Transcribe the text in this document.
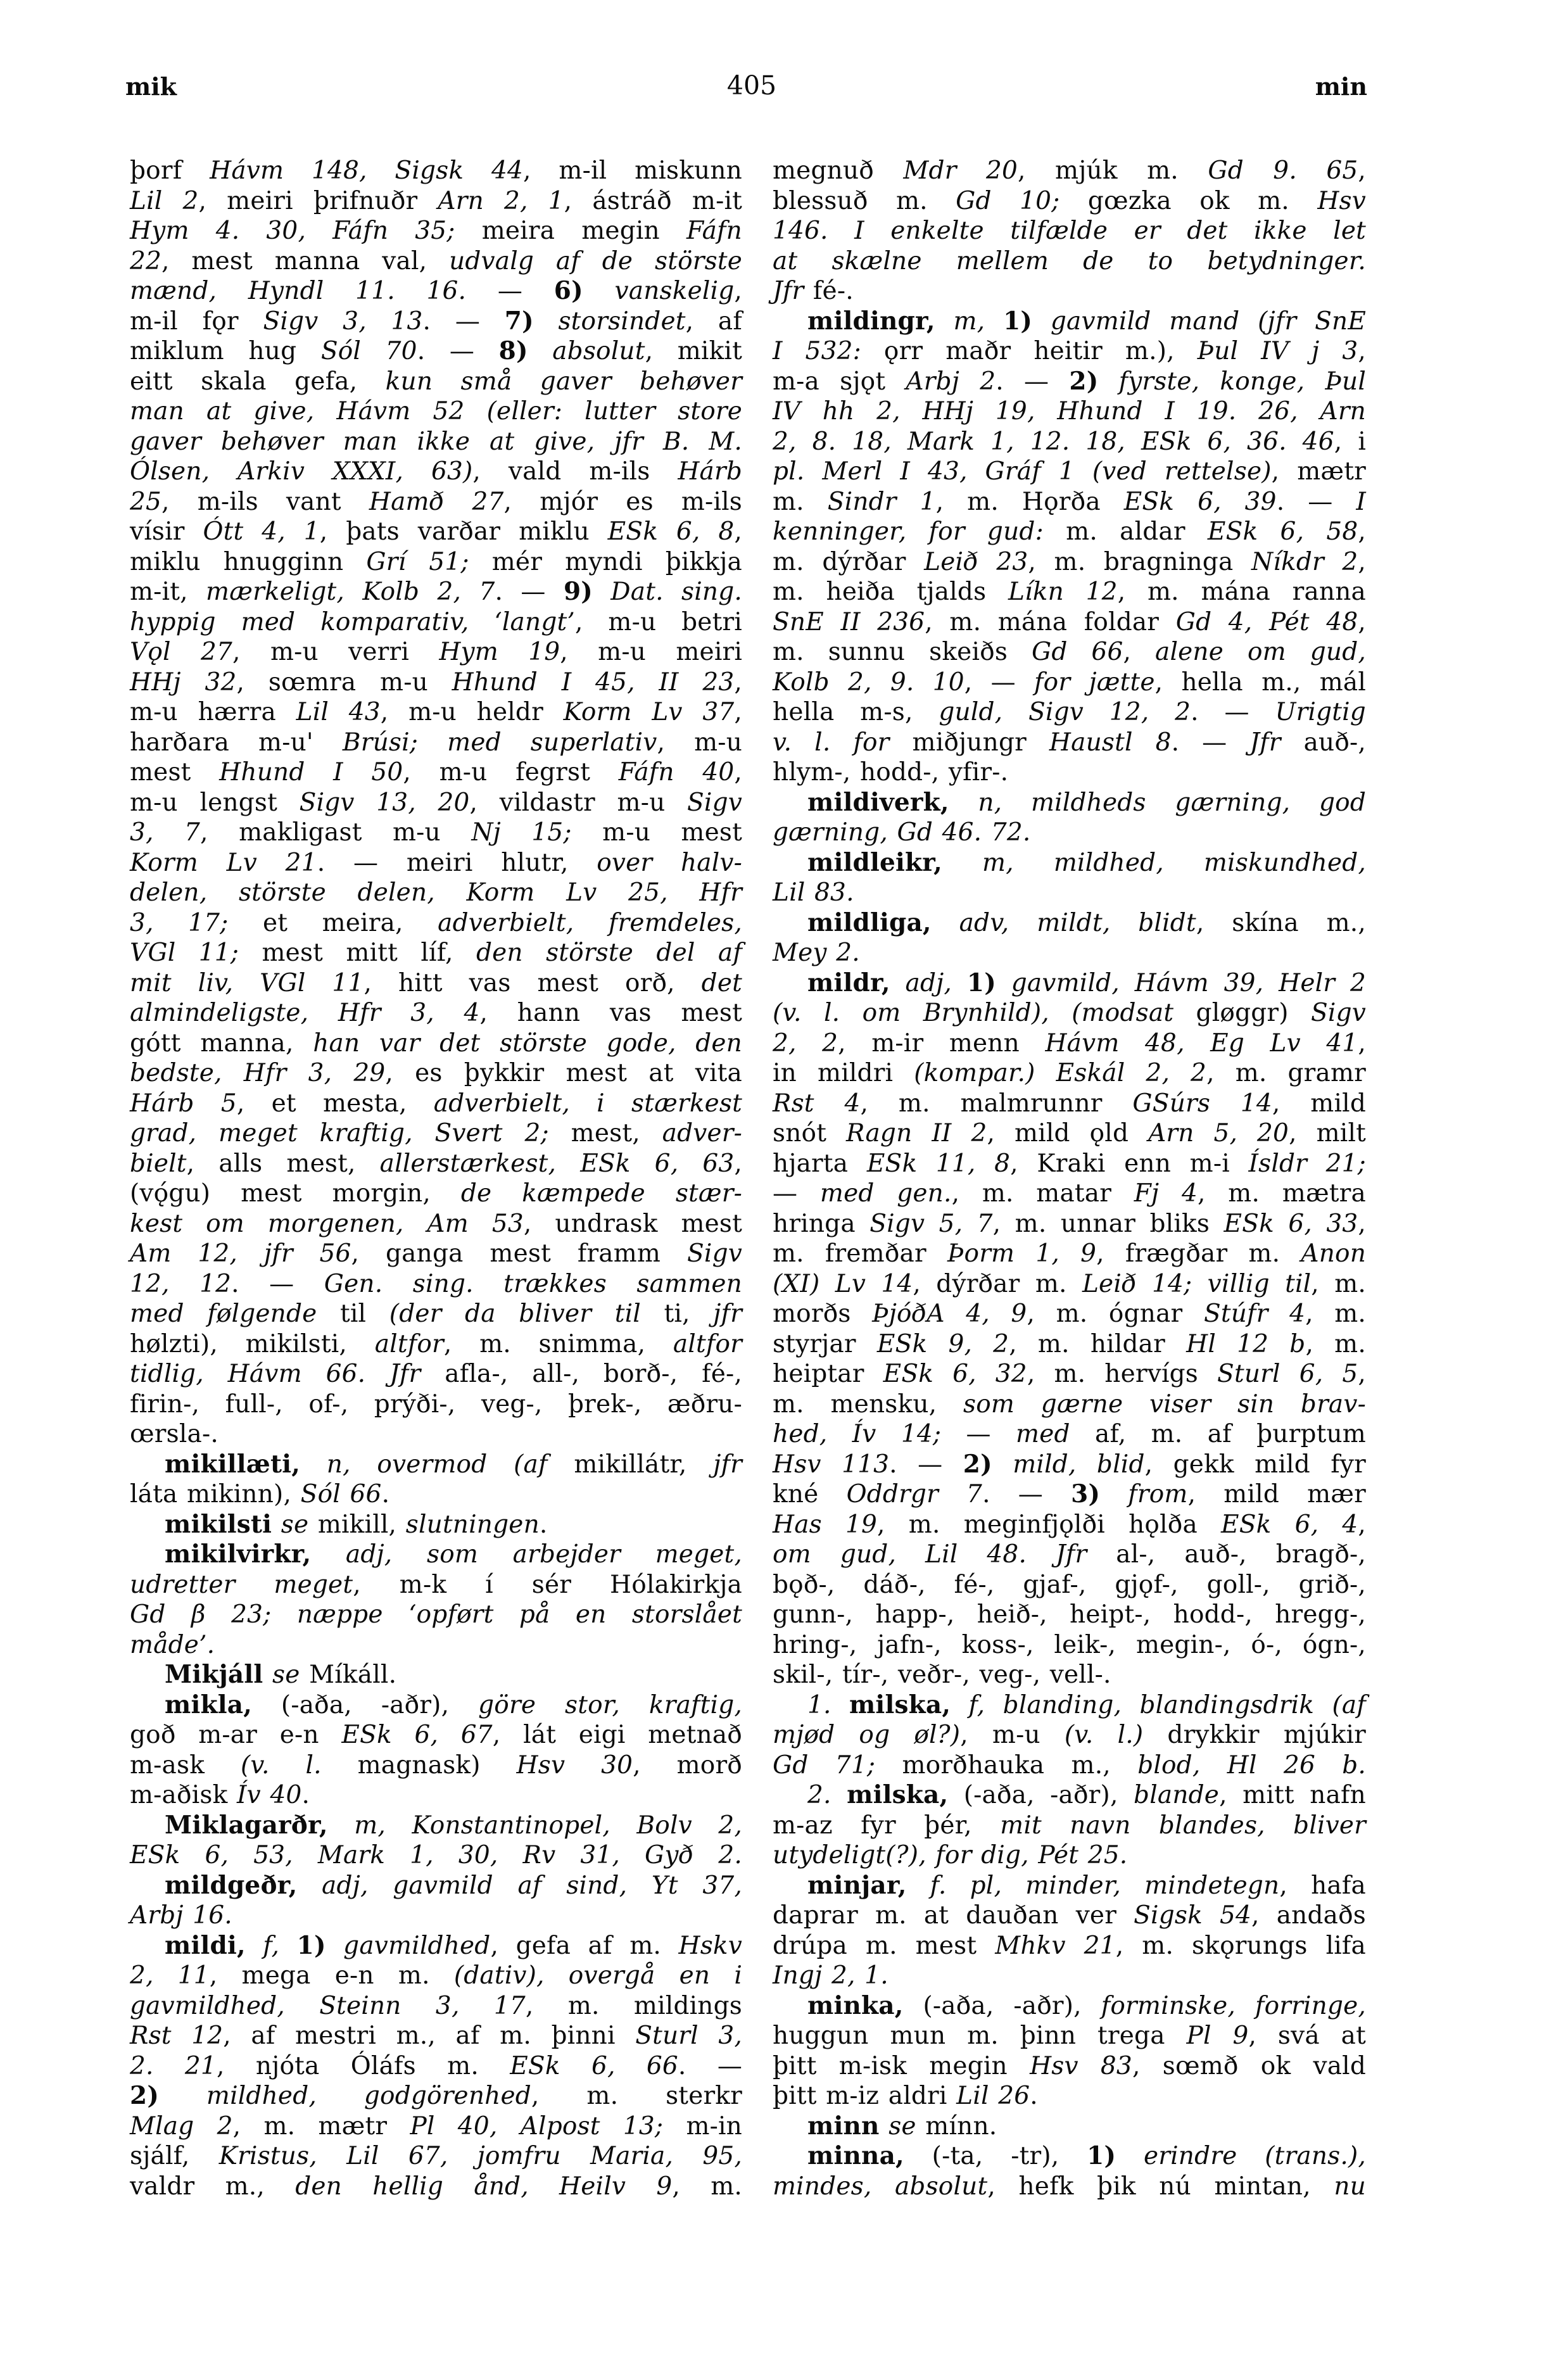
mik	405	min
þorf Hávm 148, Sigsk 44, m-il miskunn
Lil 2, meiri þrifnuðr Arn 2, 1, ástráð m-it
Hym 4. 30, Fáfn 35; meira megin Fáfn
22, mest manna val, udvalg af de störste
mænd, Hyndl 11. 16. — 6) vanskelig,
m-il fǫr Sigv 3, 13. — 7) storsindet, af
miklum hug Sól 70. — 8) absolut, mikit
eitt skala gefa, kun små gaver behøver
man at give, Hávm 52 (eller: lutter store
gaver behøver man ikke at give, jfr B. M.
Ólsen, Arkiv XXXI, 63), vald m-ils Hárb
25, m-ils vant Hamð 27, mjór es m-ils
vísir Ótt 4, 1, þats varðar miklu ESk 6, 8,
miklu hnugginn Grí 51; mér myndi þikkja
m-it, mærkeligt, Kolb 2, 7. — 9) Dat. sing.
hyppig med komparativ, ‘langt’, m-u betri
Vǫl 27, m-u verri Hym 19, m-u meiri
HHj 32, sœmra m-u Hhund I 45, II 23,
m-u hærra Lil 43, m-u heldr Korm Lv 37,
harðara m-u' Brúsi; med superlativ, m-u
mest Hhund I 50, m-u fegrst Fáfn 40,
m-u lengst Sigv 13, 20, vildastr m-u Sigv
3, 7, makligast m-u Nj 15; m-u mest
Korm Lv 21. — meiri hlutr, over halv-
delen, störste delen, Korm Lv 25, Hfr
3, 17; et meira, adverbielt, fremdeles,
VGl 11; mest mitt líf, den störste del af
mit liv, VGl 11, hitt vas mest orð, det
almindeligste, Hfr 3, 4, hann vas mest
gótt manna, han var det störste gode, den
bedste, Hfr 3, 29, es þykkir mest at vita
Hárb 5, et mesta, adverbielt, i stærkest
grad, meget kraftig, Svert 2; mest, adver-
bielt, alls mest, allerstærkest, ESk 6, 63,
(vǫ́gu) mest morgin, de kæmpede stær-
kest om morgenen, Am 53, undrask mest
Am 12, jfr 56, ganga mest framm Sigv
12, 12. — Gen. sing. trækkes sammen
med følgende til (der da bliver til ti, jfr
hølzti), mikilsti, altfor, m. snimma, altfor
tidlig, Hávm 66. Jfr afla-, all-, borð-, fé-,
firin-, full-, of-, prýði-, veg-, þrek-, æðru-
œrsla-.
mikillæti, n, overmod (af mikillátr, jfr
láta mikinn), Sól 66.
mikilsti se mikill, slutningen.
mikilvirkr, adj, som arbejder meget,
udretter meget, m-k í sér Hólakirkja
Gd β 23; næppe ‘opført på en storslået
måde’.
Mikjáll se Míkáll.
mikla, (-aða, -aðr), göre stor, kraftig,
goð m-ar e-n ESk 6, 67, lát eigi metnað
m-ask (v. l. magnask) Hsv 30, morð
m-aðisk Ív 40.
Miklagarðr, m, Konstantinopel, Bolv 2,
ESk 6, 53, Mark 1, 30, Rv 31, Gyð 2.
mildgeðr, adj, gavmild af sind, Yt 37,
Arbj 16.
mildi, f, 1) gavmildhed, gefa af m. Hskv
2, 11, mega e-n m. (dativ), overgå en i
gavmildhed, Steinn 3, 17, m. mildings
Rst 12, af mestri m., af m. þinni Sturl 3,
2. 21, njóta Óláfs m. ESk 6, 66. —
2) mildhed, godgörenhed, m. sterkr
Mlag 2, m. mætr Pl 40, Alpost 13; m-in
sjálf, Kristus, Lil 67, jomfru Maria, 95,
valdr m., den hellig ånd, Heilv 9, m.
megnuð Mdr 20, mjúk m. Gd 9. 65,
blessuð m. Gd 10; gœzka ok m. Hsv
146. I enkelte tilfælde er det ikke let
at skælne mellem de to betydninger.
Jfr fé-.
mildingr, m, 1) gavmild mand (jfr SnE
I 532: ǫrr maðr heitir m.), Þul IV j 3,
m-a sjǫt Arbj 2. — 2) fyrste, konge, Þul
IV hh 2, HHj 19, Hhund I 19. 26, Arn
2, 8. 18, Mark 1, 12. 18, ESk 6, 36. 46, i
pl. Merl I 43, Gráf 1 (ved rettelse), mætr
m. Sindr 1, m. Hǫrða ESk 6, 39. — I
kenninger, for gud: m. aldar ESk 6, 58,
m. dýrðar Leið 23, m. bragninga Níkdr 2,
m. heiða tjalds Líkn 12, m. mána ranna
SnE II 236, m. mána foldar Gd 4, Pét 48,
m. sunnu skeiðs Gd 66, alene om gud,
Kolb 2, 9. 10, — for jætte, hella m., mál
hella m-s, guld, Sigv 12, 2. — Urigtig
v. l. for miðjungr Haustl 8. — Jfr auð-,
hlym-, hodd-, yfir-.
mildiverk, n, mildheds gærning, god
gærning, Gd 46. 72.
mildleikr, m, mildhed, miskundhed,
Lil 83.
mildliga, adv, mildt, blidt, skína m.,
Mey 2.
mildr, adj, 1) gavmild, Hávm 39, Helr 2
(v. l. om Brynhild), (modsat gløggr) Sigv
2, 2, m-ir menn Hávm 48, Eg Lv 41,
in mildri (kompar.) Eskál 2, 2, m. gramr
Rst 4, m. malmrunnr GSúrs 14, mild
snót Ragn II 2, mild ǫld Arn 5, 20, milt
hjarta ESk 11, 8, Kraki enn m-i Ísldr 21;
— med gen., m. matar Fj 4, m. mætra
hringa Sigv 5, 7, m. unnar bliks ESk 6, 33,
m. fremðar Þorm 1, 9, frægðar m. Anon
(XI) Lv 14, dýrðar m. Leið 14; villig til, m.
morðs ÞjóðA 4, 9, m. ógnar Stúfr 4, m.
styrjar ESk 9, 2, m. hildar Hl 12 b, m.
heiptar ESk 6, 32, m. hervígs Sturl 6, 5,
m. mensku, som gærne viser sin brav-
hed, Ív 14; — med af, m. af þurptum
Hsv 113. — 2) mild, blid, gekk mild fyr
kné Oddrgr 7. — 3) from, mild mær
Has 19, m. meginfjǫlði hǫlða ESk 6, 4,
om gud, Lil 48. Jfr al-, auð-, bragð-,
bǫð-, dáð-, fé-, gjaf-, gjǫf-, goll-, grið-,
gunn-, happ-, heið-, heipt-, hodd-, hregg-,
hring-, jafn-, koss-, leik-, megin-, ó-, ógn-,
skil-, tír-, veðr-, veg-, vell-.
1. milska, f, blanding, blandingsdrik (af
mjød og øl?), m-u (v. l.) drykkir mjúkir
Gd 71; morðhauka m., blod, Hl 26 b.
2. milska, (-aða, -aðr), blande, mitt nafn
m-az fyr þér, mit navn blandes, bliver
utydeligt(?), for dig, Pét 25.
minjar, f. pl, minder, mindetegn, hafa
daprar m. at dauðan ver Sigsk 54, andaðs
drúpa m. mest Mhkv 21, m. skǫrungs lifa
Ingj 2, 1.
minka, (-aða, -aðr), forminske, forringe,
huggun mun m. þinn trega Pl 9, svá at
þitt m-isk megin Hsv 83, sœmð ok vald
þitt m-iz aldri Lil 26.
minn se mínn.
minna, (-ta, -tr), 1) erindre (trans.),
mindes, absolut, hefk þik nú mintan, nu
